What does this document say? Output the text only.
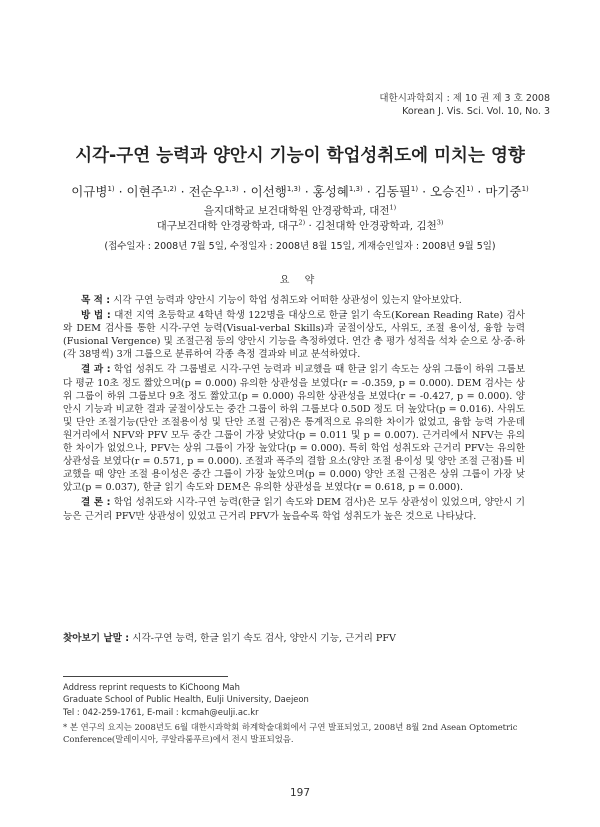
대한시과학회지 : 제 10 권 제 3 호 2008
Korean J. Vis. Sci. Vol. 10, No. 3
시각-구연 능력과 양안시 기능이 학업성취도에 미치는 영향
이규병$^{1)}$ · 이현주$^{1,2)}$ · 전순우$^{1,3)}$ · 이선행$^{1,3)}$ · 홍성혜$^{1,3)}$ · 김동필$^{1)}$ · 오승진$^{1)}$ · 마기중$^{1)}$
을지대학교 보건대학원 안경광학과, 대전$^{1)}$
대구보건대학 안경광학과, 대구$^{2)}$ · 김천대학 안경광학과, 김천$^{3)}$
(접수일자 : 2008년 7월 5일, 수정일자 : 2008년 8월 15일, 게재승인일자 : 2008년 9월 5일)
요 약

목 적 : 시각 구연 능력과 양안시 기능이 학업 성취도와 어떠한 상관성이 있는지 알아보았다.

방 법 : 대전 지역 초등학교 4학년 학생 122명을 대상으로 한글 읽기 속도(Korean Reading Rate) 검사와 DEM 검사를 통한 시각-구연 능력(Visual-verbal Skills)과 굴절이상도, 사위도, 조절 용이성, 융합 능력(Fusional Vergence) 및 조절근점 등의 양안시 기능을 측정하였다. 연간 총 평가 성적을 석차 순으로 상·중·하(각 38명씩) 3개 그룹으로 분류하여 각종 측정 결과와 비교 분석하였다.

결 과 : 학업 성취도 각 그룹별로 시각-구연 능력과 비교했을 때 한글 읽기 속도는 상위 그룹이 하위 그룹보다 평균 10초 정도 짧았으며(p = 0.000) 유의한 상관성을 보였다(r = -0.359, p = 0.000). DEM 검사는 상위 그룹이 하위 그룹보다 9초 정도 짧았고(p = 0.000) 유의한 상관성을 보였다(r = -0.427, p = 0.000). 양안시 기능과 비교한 결과 굴절이상도는 중간 그룹이 하위 그룹보다 0.50D 정도 더 높았다(p = 0.016). 사위도 및 단안 조절기능(단안 조절용이성 및 단안 조절 근점)은 통계적으로 유의한 차이가 없었고, 융합 능력 가운데 원거리에서 NFV와 PFV 모두 중간 그룹이 가장 낮았다(p = 0.011 및 p = 0.007). 근거리에서 NFV는 유의한 차이가 없었으나, PFV는 상위 그룹이 가장 높았다(p = 0.000). 특히 학업 성취도와 근거리 PFV는 유의한 상관성을 보였다(r = 0.571, p = 0.000). 조절과 폭주의 결합 요소(양안 조절 용이성 및 양안 조절 근점)를 비교했을 때 양안 조절 용이성은 중간 그룹이 가장 높았으며(p = 0.000) 양안 조절 근점은 상위 그룹이 가장 낮았고(p = 0.037), 한글 읽기 속도와 DEM은 유의한 상관성을 보였다(r = 0.618, p = 0.000).

결 론 : 학업 성취도와 시각-구연 능력(한글 읽기 속도와 DEM 검사)은 모두 상관성이 있었으며, 양안시 기능은 근거리 PFV만 상관성이 있었고 근거리 PFV가 높을수록 학업 성취도가 높은 것으로 나타났다.

찾아보기 낱말 : 시각-구연 능력, 한글 읽기 속도 검사, 양안시 기능, 근거리 PFV
Address reprint requests to KiChoong Mah
Graduate School of Public Health, Eulji University, Daejeon
Tel : 042-259-1761, E-mail : kcmah@eulji.ac.kr
* 본 연구의 요지는 2008년도 6월 대한시과학회 하계학술대회에서 구연 발표되었고, 2008년 8월 2nd Asean Optometric Conference(말레이시아, 쿠알라룸푸르)에서 전시 발표되었음.
197
